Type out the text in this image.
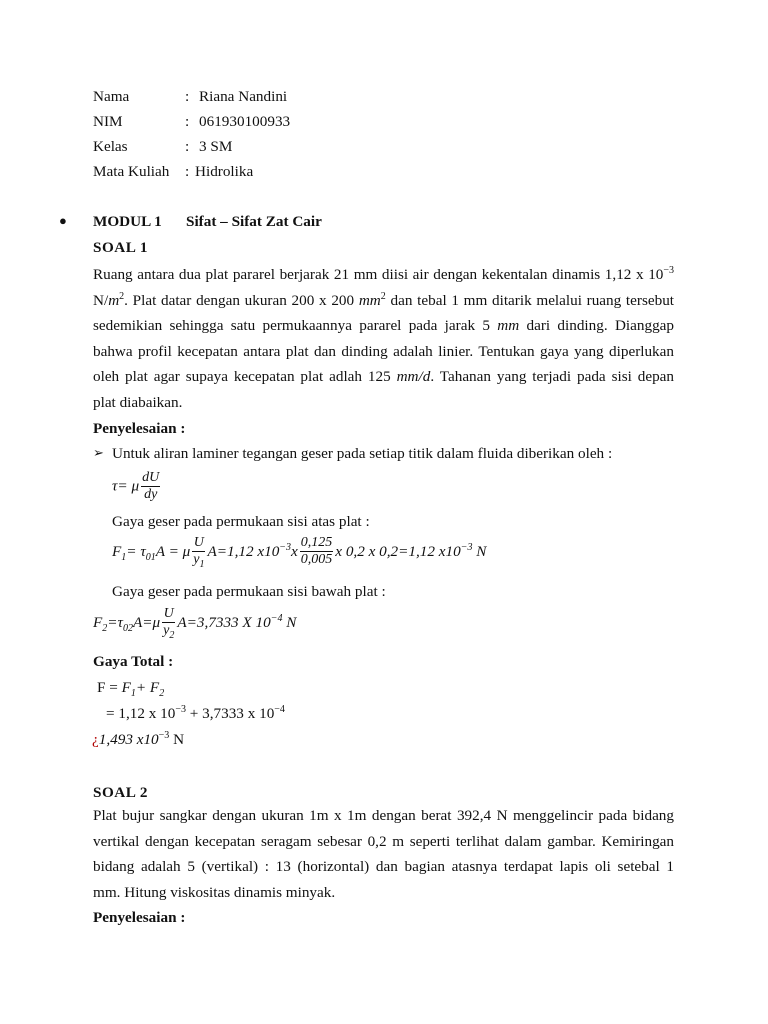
Nama	: Riana Nandini
NIM	: 061930100933
Kelas	: 3 SM
Mata Kuliah : Hidrolika
● MODUL 1 Sifat – Sifat Zat Cair
SOAL 1
Ruang antara dua plat pararel berjarak 21 mm diisi air dengan kekentalan dinamis 1,12 x $10^{-3}$
$N/m^2$. Plat datar dengan ukuran 200 x 200 $mm^2$ dan tebal 1 mm ditarik melalui ruang tersebut
sedemikian sehingga satu permukaannya pararel pada jarak 5 mm dari dinding. Dianggap
bahwa profil kecepatan antara plat dan dinding adalah linier. Tentukan gaya yang diperlukan
oleh plat agar supaya kecepatan plat adlah 125 mm/d. Tahanan yang terjadi pada sisi depan
plat diabaikan.
Penyelesaian :
➢ Untuk aliran laminer tegangan geser pada setiap titik dalam fluida diberikan oleh :
τ= μ $\frac{dU}{dy}$
Gaya geser pada permukaan sisi atas plat :
$F_1= \tau_{01}A = \mu \frac{U}{y_1} A=1,12$ $x10^{-3}x \frac{0,125}{0,005}$ x 0,2 x 0,2=1,12 $x10^{-3}$ N
Gaya geser pada permukaan sisi bawah plat :
$F_2=\tau_{02}A=\mu \frac{U}{y_2} A=3,7333$ X $10^{-4}$ N
Gaya Total :
$F = F_1+ F_2$
= 1,12 x $10^{-3} + 3,7333$ x $10^{-4}$
¿1,493 $x10^{-3}$ N
SOAL 2
Plat bujur sangkar dengan ukuran 1m x 1m dengan berat 392,4 N menggelincir pada bidang
vertikal dengan kecepatan seragam sebesar 0,2 m seperti terlihat dalam gambar. Kemiringan
bidang adalah 5 (vertikal) : 13 (horizontal) dan bagian atasnya terdapat lapis oli setebal 1
mm. Hitung viskositas dinamis minyak.
Penyelesaian :
